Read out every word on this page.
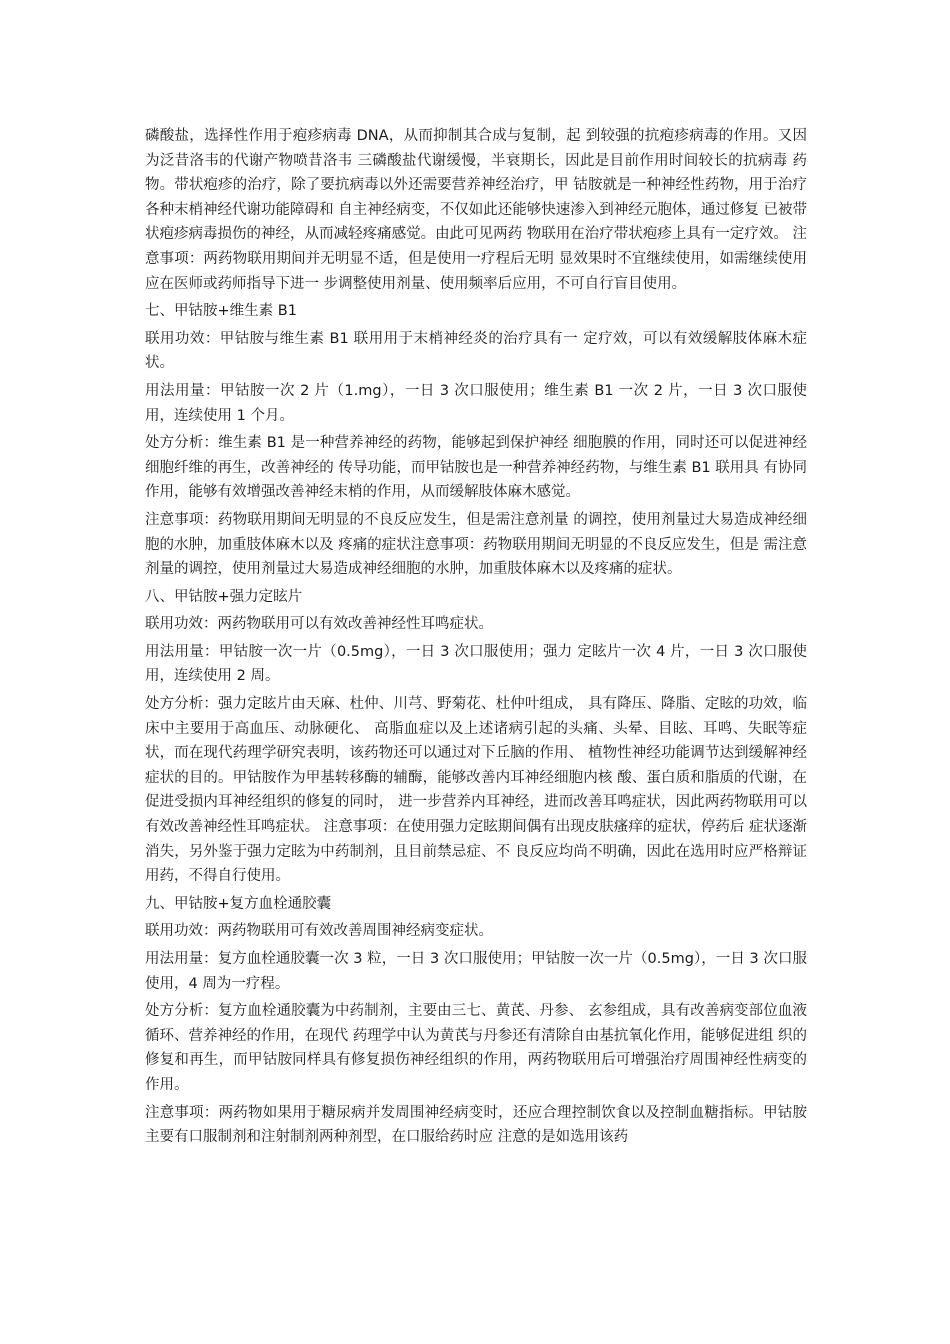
磷酸盐，选择性作用于疱疹病毒 DNA，从而抑制其合成与复制，起 到较强的抗疱疹病毒的作用。又因为泛昔洛韦的代谢产物喷昔洛韦 三磷酸盐代谢缓慢，半衰期长，因此是目前作用时间较长的抗病毒 药物。带状疱疹的治疗，除了要抗病毒以外还需要营养神经治疗，甲 钴胺就是一种神经性药物，用于治疗各种末梢神经代谢功能障碍和 自主神经病变，不仅如此还能够快速渗入到神经元胞体，通过修复 已被带状疱疹病毒损伤的神经，从而减轻疼痛感觉。由此可见两药 物联用在治疗带状疱疹上具有一定疗效。 注意事项：两药物联用期间并无明显不适，但是使用一疗程后无明 显效果时不宜继续使用，如需继续使用应在医师或药师指导下进一 步调整使用剂量、使用频率后应用，不可自行盲目使用。

七、甲钴胺+维生素 B1

联用功效：甲钴胺与维生素 B1 联用用于末梢神经炎的治疗具有一 定疗效，可以有效缓解肢体麻木症状。

用法用量：甲钴胺一次 2 片（1.mg），一日 3 次口服使用；维生素 B1 一次 2 片，一日 3 次口服使用，连续使用 1 个月。

处方分析：维生素 B1 是一种营养神经的药物，能够起到保护神经 细胞膜的作用，同时还可以促进神经细胞纤维的再生，改善神经的 传导功能，而甲钴胺也是一种营养神经药物，与维生素 B1 联用具 有协同作用，能够有效增强改善神经末梢的作用，从而缓解肢体麻木感觉。

注意事项：药物联用期间无明显的不良反应发生，但是需注意剂量 的调控，使用剂量过大易造成神经细胞的水肿，加重肢体麻木以及 疼痛的症状注意事项：药物联用期间无明显的不良反应发生，但是 需注意剂量的调控，使用剂量过大易造成神经细胞的水肿，加重肢体麻木以及疼痛的症状。

八、甲钴胺+强力定眩片

联用功效：两药物联用可以有效改善神经性耳鸣症状。

用法用量：甲钴胺一次一片（0.5mg），一日 3 次口服使用；强力 定眩片一次 4 片，一日 3 次口服使用，连续使用 2 周。

处方分析：强力定眩片由天麻、杜仲、川芎、野菊花、杜仲叶组成， 具有降压、降脂、定眩的功效，临床中主要用于高血压、动脉硬化、 高脂血症以及上述诸病引起的头痛、头晕、目眩、耳鸣、失眠等症 状，而在现代药理学研究表明，该药物还可以通过对下丘脑的作用、 植物性神经功能调节达到缓解神经症状的目的。甲钴胺作为甲基转移酶的辅酶，能够改善内耳神经细胞内核 酸、蛋白质和脂质的代谢，在促进受损内耳神经组织的修复的同时， 进一步营养内耳神经，进而改善耳鸣症状，因此两药物联用可以有效改善神经性耳鸣症状。 注意事项：在使用强力定眩期间偶有出现皮肤瘙痒的症状，停药后 症状逐渐消失，另外鉴于强力定眩为中药制剂，且目前禁忌症、不 良反应均尚不明确，因此在选用时应严格辩证用药，不得自行使用。

九、甲钴胺+复方血栓通胶囊

联用功效：两药物联用可有效改善周围神经病变症状。

用法用量：复方血栓通胶囊一次 3 粒，一日 3 次口服使用；甲钴胺一次一片（0.5mg），一日 3 次口服使用，4 周为一疗程。

处方分析：复方血栓通胶囊为中药制剂，主要由三七、黄芪、丹参、 玄参组成，具有改善病变部位血液循环、营养神经的作用，在现代 药理学中认为黄芪与丹参还有清除自由基抗氧化作用，能够促进组 织的修复和再生，而甲钴胺同样具有修复损伤神经组织的作用，两药物联用后可增强治疗周围神经性病变的作用。

注意事项：两药物如果用于糖尿病并发周围神经病变时，还应合理控制饮食以及控制血糖指标。甲钴胺主要有口服制剂和注射制剂两种剂型，在口服给药时应 注意的是如选用该药
